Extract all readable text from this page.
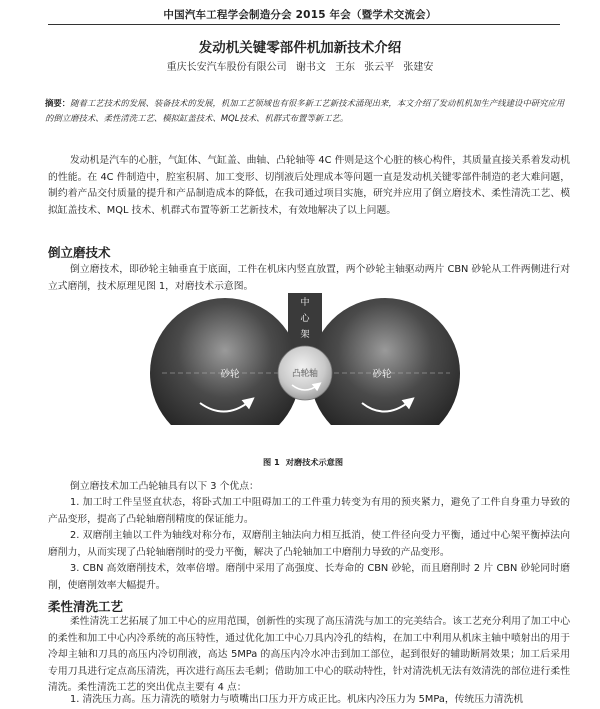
中国汽车工程学会制造分会 2015 年会（暨学术交流会）
发动机关键零部件机加新技术介绍
重庆长安汽车股份有限公司 谢书文 王东 张云平 张建安
摘要：随着工艺技术的发展、装备技术的发展，机加工艺领域也有很多新工艺新技术涌现出来，本文介绍了发动机机加生产线建设中研究应用的倒立磨技术、柔性清洗工艺、模拟缸盖技术、MQL技术、机群式布置等新工艺。

发动机是汽车的心脏，气缸体、气缸盖、曲轴、凸轮轴等 4C 件则是这个心脏的核心构件，其质量直接关系着发动机的性能。在 4C 件制造中，腔室积屑、加工变形、切削液后处理成本等问题一直是发动机关键零部件制造的老大难问题，制约着产品交付质量的提升和产品制造成本的降低，在我司通过项目实施，研究并应用了倒立磨技术、柔性清洗工艺、模拟缸盖技术、MQL 技术、机群式布置等新工艺新技术，有效地解决了以上问题。

倒立磨技术

倒立磨技术，即砂轮主轴垂直于底面，工件在机床内竖直放置，两个砂轮主轴驱动两片 CBN 砂轮从工件两侧进行对立式磨削，技术原理见图 1，对磨技术示意图。

中
心
架
砂轮	砂轮
凸轮轴
图 1 对磨技术示意图

倒立磨技术加工凸轮轴具有以下 3 个优点：

1. 加工时工件呈竖直状态，将卧式加工中阻碍加工的工件重力转变为有用的预夹紧力，避免了工件自身重力导致的产品变形，提高了凸轮轴磨削精度的保证能力。

2. 双磨削主轴以工件为轴线对称分布，双磨削主轴法向力相互抵消，使工件径向受力平衡，通过中心架平衡掉法向磨削力，从而实现了凸轮轴磨削时的受力平衡，解决了凸轮轴加工中磨削力导致的产品变形。

3. CBN 高效磨削技术，效率倍增。磨削中采用了高强度、长寿命的 CBN 砂轮，而且磨削时 2 片 CBN 砂轮同时磨削，使磨削效率大幅提升。

柔性清洗工艺

柔性清洗工艺拓展了加工中心的应用范围，创新性的实现了高压清洗与加工的完美结合。该工艺充分利用了加工中心的柔性和加工中心内冷系统的高压特性，通过优化加工中心刀具内冷孔的结构，在加工中利用从机床主轴中喷射出的用于冷却主轴和刀具的高压内冷切削液，高达 5MPa 的高压内冷水冲击到加工部位，起到很好的辅助断屑效果；加工后采用专用刀具进行定点高压清洗，再次进行高压去毛刺；借助加工中心的联动特性，针对清洗机无法有效清洗的部位进行柔性清洗。柔性清洗工艺的突出优点主要有 4 点：

1. 清洗压力高。压力清洗的喷射力与喷嘴出口压力开方成正比。机床内冷压力为 5MPa，传统压力清洗机
